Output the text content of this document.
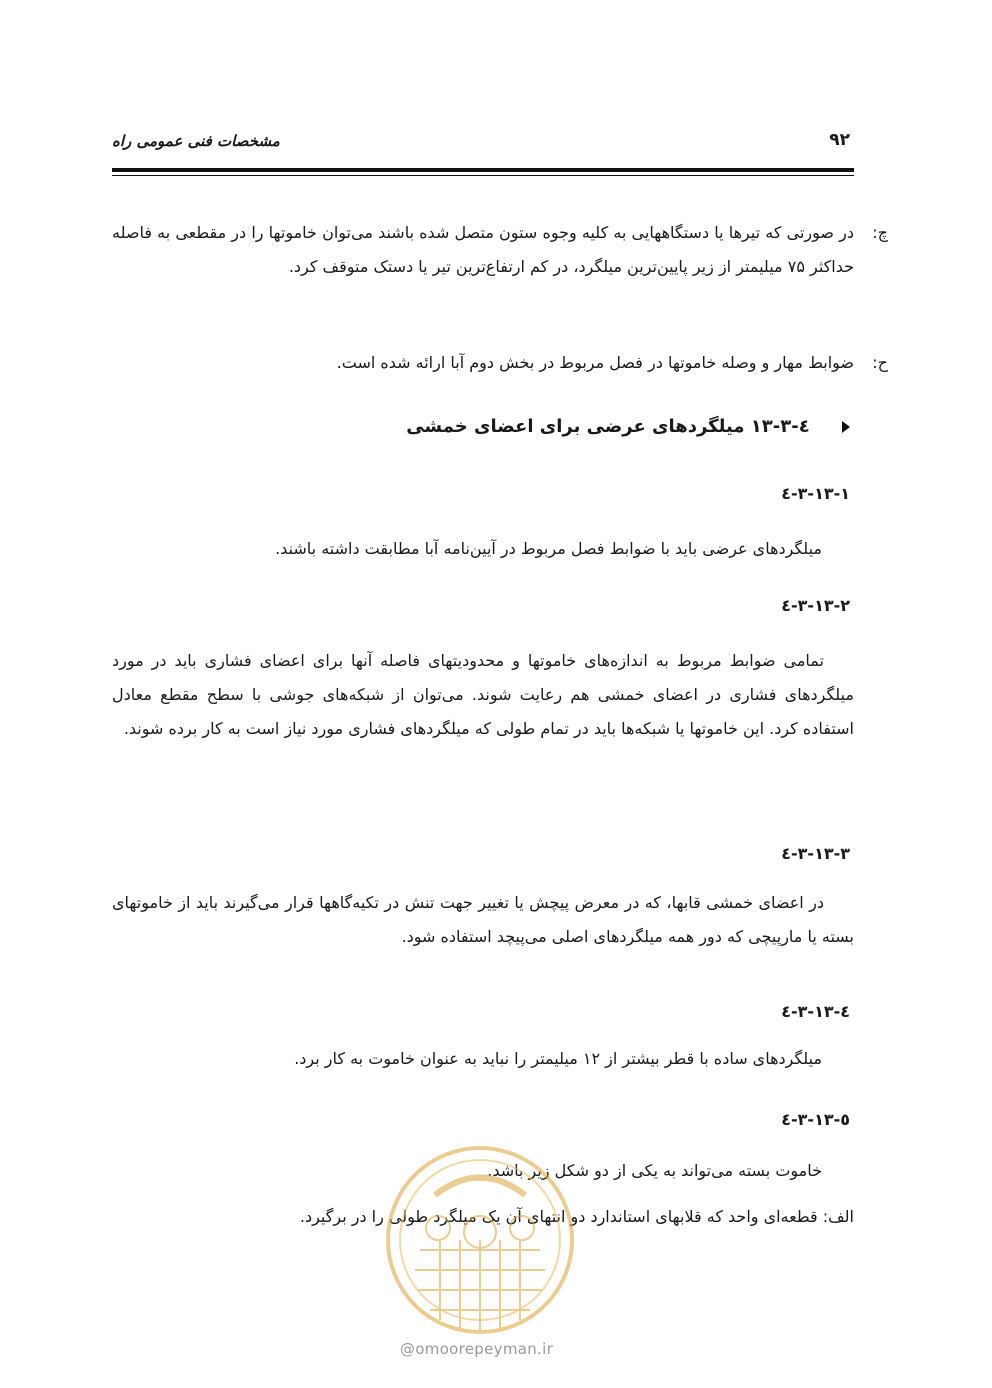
مشخصات فنی عمومی راه	۹۲
چ:
در صورتی که تیرها یا دستگاههایی به کلیه وجوه ستون متصل شده باشند می‌توان خاموتها را در مقطعی به فاصله حداکثر ۷۵ میلیمتر از زیر پایین‌ترین میلگرد، در کم ارتفاع‌ترین تیر یا دستک متوقف کرد.
ح:
ضوابط مهار و وصله خاموتها در فصل مربوط در بخش دوم آبا ارائه شده است.
٤-٣-١٣ میلگردهای عرضی برای اعضای خمشی
١-١٣-٣-٤
میلگردهای عرضی باید با ضوابط فصل مربوط در آیین‌نامه آبا مطابقت داشته باشند.
٢-١٣-٣-٤
تمامی ضوابط مربوط به اندازه‌های خاموتها و محدودیتهای فاصله آنها برای اعضای فشاری باید در مورد میلگردهای فشاری در اعضای خمشی هم رعایت شوند. می‌توان از شبکه‌های جوشی با سطح مقطع معادل استفاده کرد. این خاموتها یا شبکه‌ها باید در تمام طولی که میلگردهای فشاری مورد نیاز است به کار برده شوند.
٣-١٣-٣-٤
در اعضای خمشی قابها، که در معرض پیچش یا تغییر جهت تنش در تکیه‌گاهها قرار می‌گیرند باید از خاموتهای بسته یا مارپیچی که دور همه میلگردهای اصلی می‌پیچد استفاده شود.
٤-١٣-٣-٤
میلگردهای ساده با قطر بیشتر از ۱۲ میلیمتر را نباید به عنوان خاموت به کار برد.
٥-١٣-٣-٤
خاموت بسته می‌تواند به یکی از دو شکل زیر باشد.
الف: قطعه‌ای واحد که قلابهای استاندارد دو انتهای آن یک میلگرد طولی را در برگیرد.
@omoorepeyman.ir
